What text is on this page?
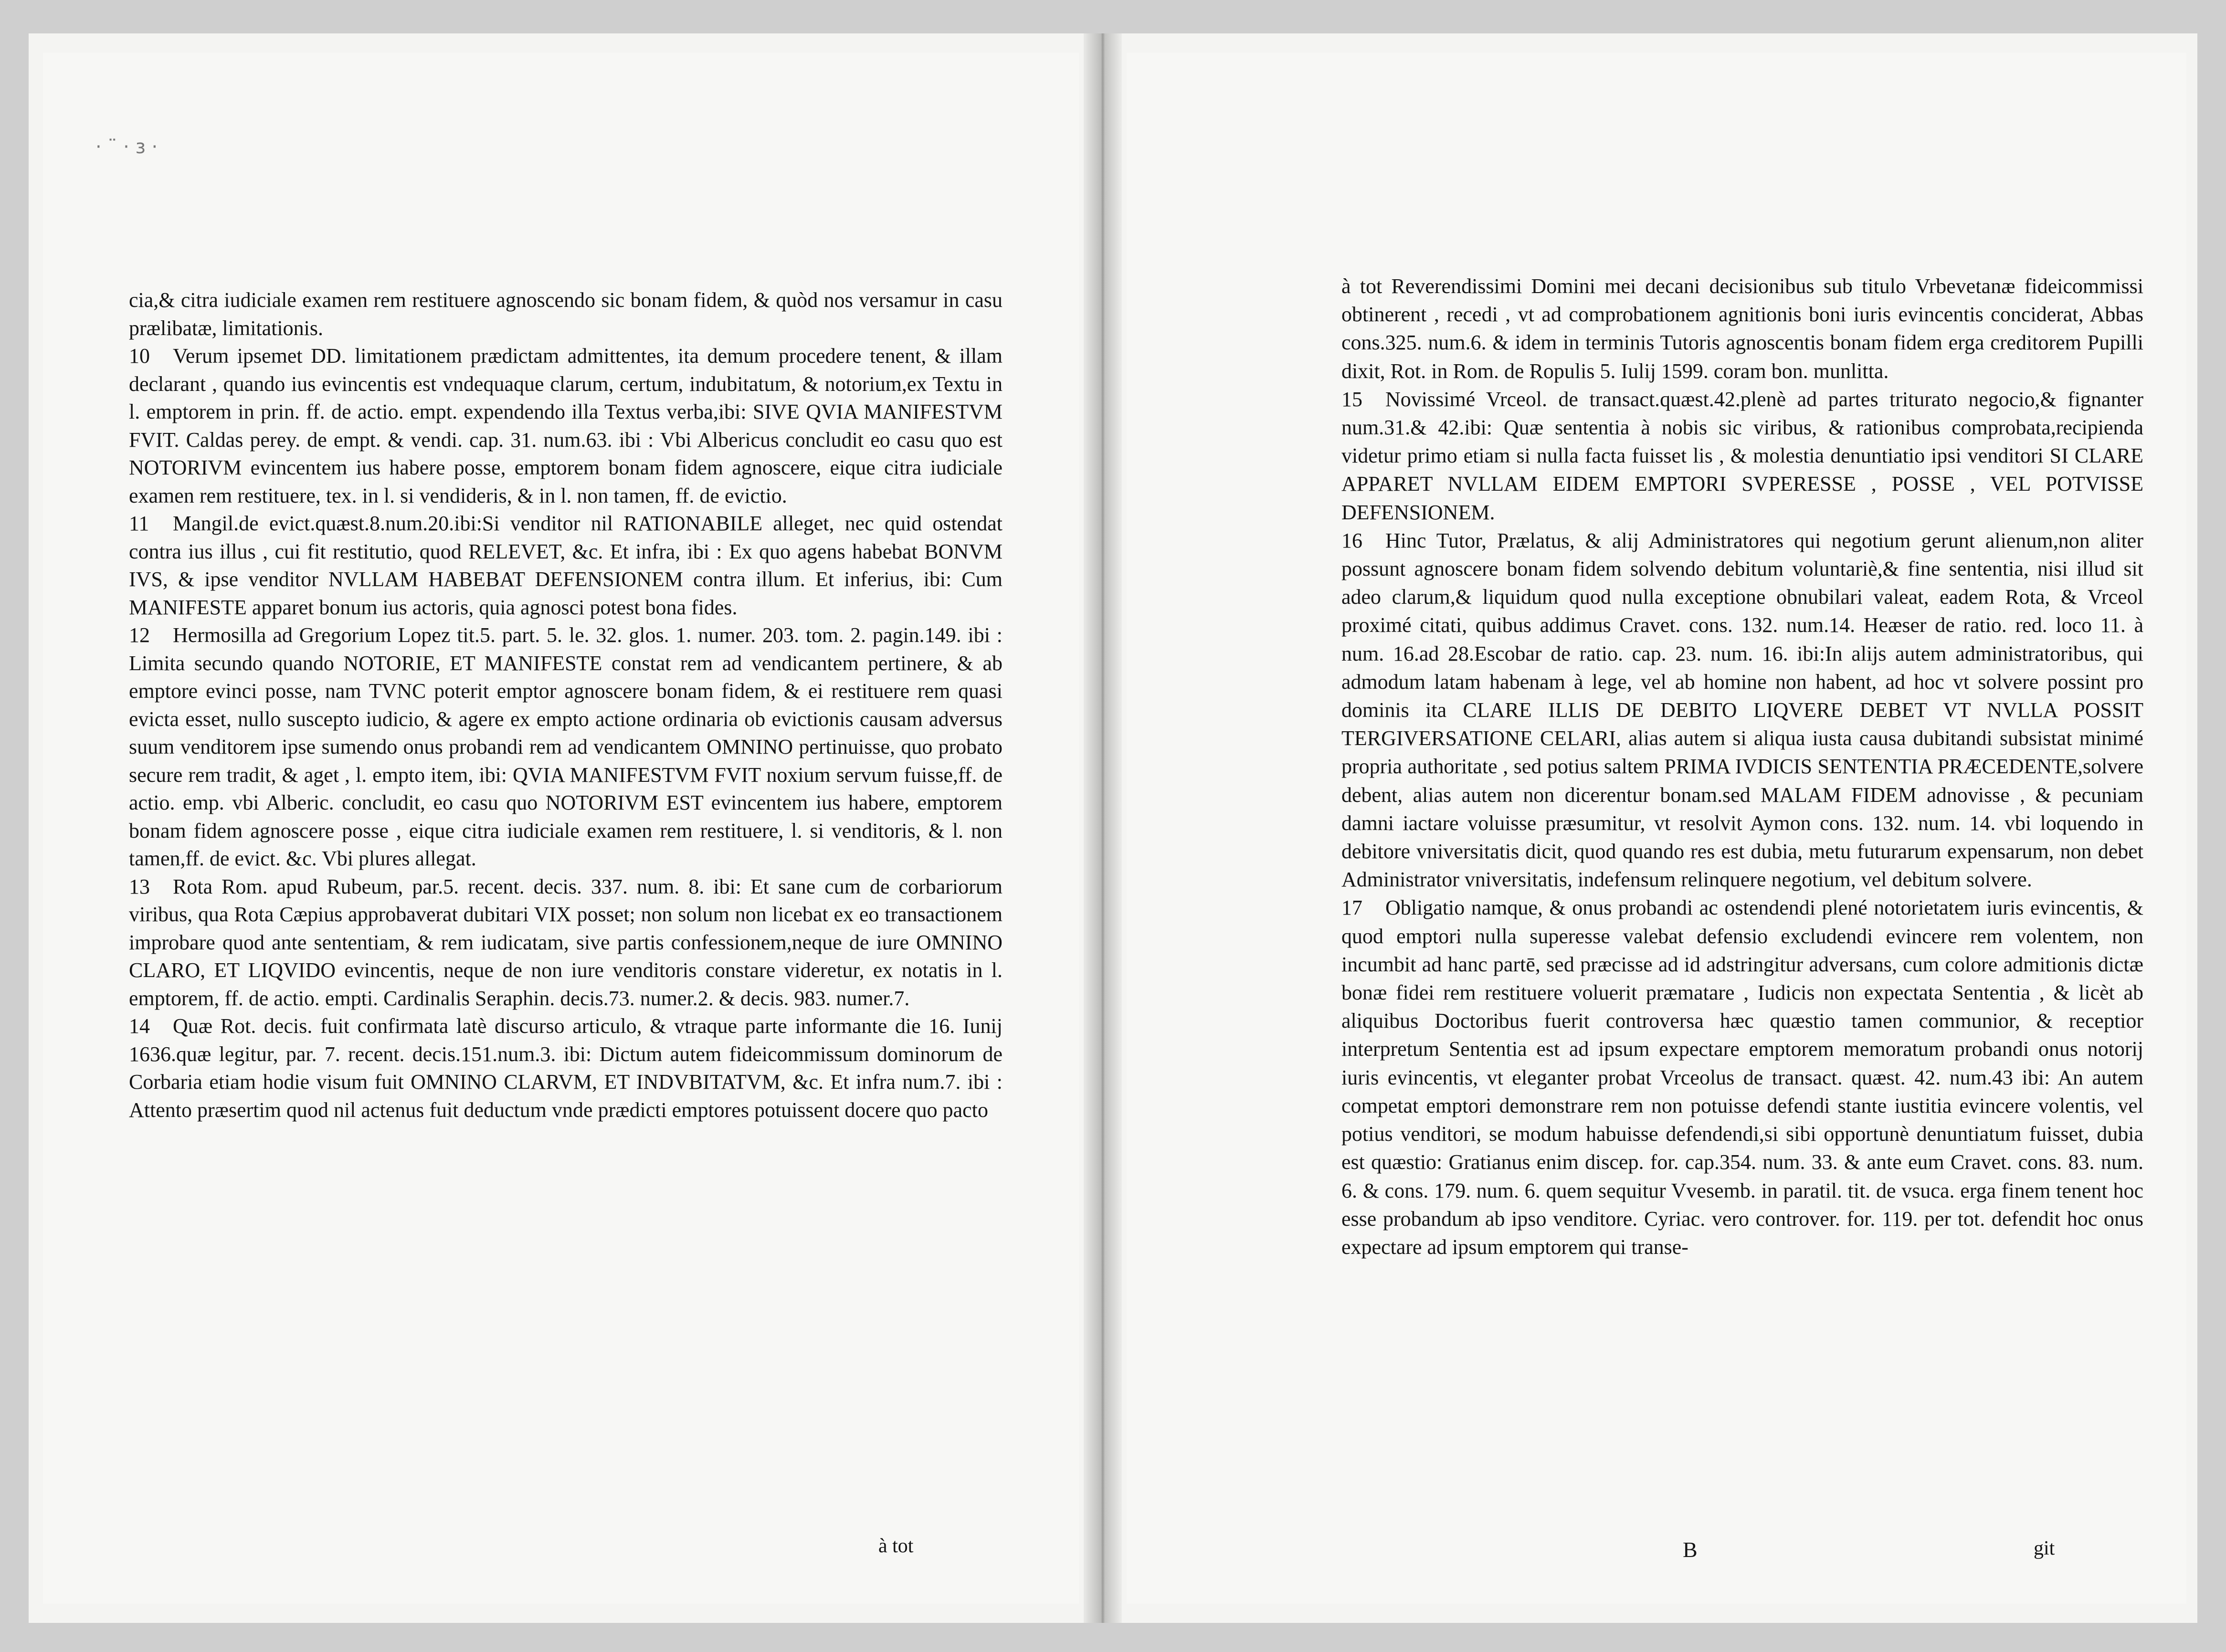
· ¨ · ɜ ·

cia,& citra iudiciale examen rem restituere agnoscendo sic bonam fidem, & quòd nos versamur in casu prælibatæ, limitationis.

10 Verum ipsemet DD. limitationem prædictam admittentes, ita demum procedere tenent, & illam declarant , quando ius evincentis est vndequaque clarum, certum, indubitatum, & notorium,ex Textu in l. emptorem in prin. ff. de actio. empt. expendendo illa Textus verba,ibi: SIVE QVIA MANIFESTVM FVIT. Caldas perey. de empt. & vendi. cap. 31. num.63. ibi : Vbi Albericus concludit eo casu quo est NOTORIVM evincentem ius habere posse, emptorem bonam fidem agnoscere, eique citra iudiciale examen rem restituere, tex. in l. si vendideris, & in l. non tamen, ff. de evictio.

11 Mangil.de evict.quæst.8.num.20.ibi:Si venditor nil RATIONABILE alleget, nec quid ostendat contra ius illus , cui fit restitutio, quod RELEVET, &c. Et infra, ibi : Ex quo agens habebat BONVM IVS, & ipse venditor NVLLAM HABEBAT DEFENSIONEM contra illum. Et inferius, ibi: Cum MANIFESTE apparet bonum ius actoris, quia agnosci potest bona fides.

12 Hermosilla ad Gregorium Lopez tit.5. part. 5. le. 32. glos. 1. numer. 203. tom. 2. pagin.149. ibi : Limita secundo quando NOTORIE, ET MANIFESTE constat rem ad vendicantem pertinere, & ab emptore evinci posse, nam TVNC poterit emptor agnoscere bonam fidem, & ei restituere rem quasi evicta esset, nullo suscepto iudicio, & agere ex empto actione ordinaria ob evictionis causam adversus suum venditorem ipse sumendo onus probandi rem ad vendicantem OMNINO pertinuisse, quo probato secure rem tradit, & aget , l. empto item, ibi: QVIA MANIFESTVM FVIT noxium servum fuisse,ff. de actio. emp. vbi Alberic. concludit, eo casu quo NOTORIVM EST evincentem ius habere, emptorem bonam fidem agnoscere posse , eique citra iudiciale examen rem restituere, l. si venditoris, & l. non tamen,ff. de evict. &c. Vbi plures allegat.

13 Rota Rom. apud Rubeum, par.5. recent. decis. 337. num. 8. ibi: Et sane cum de corbariorum viribus, qua Rota Cæpius approbaverat dubitari VIX posset; non solum non licebat ex eo transactionem improbare quod ante sententiam, & rem iudicatam, sive partis confessionem,neque de iure OMNINO CLARO, ET LIQVIDO evincentis, neque de non iure venditoris constare videretur, ex notatis in l. emptorem, ff. de actio. empti. Cardinalis Seraphin. decis.73. numer.2. & decis. 983. numer.7.

14 Quæ Rot. decis. fuit confirmata latè discurso articulo, & vtraque parte informante die 16. Iunij 1636.quæ legitur, par. 7. recent. decis.151.num.3. ibi: Dictum autem fideicommissum dominorum de Corbaria etiam hodie visum fuit OMNINO CLARVM, ET INDVBITATVM, &c. Et infra num.7. ibi : Attento præsertim quod nil actenus fuit deductum vnde prædicti emptores potuissent docere quo pacto

à tot

à tot Reverendissimi Domini mei decani decisionibus sub titulo Vrbevetanæ fideicommissi obtinerent , recedi , vt ad comprobationem agnitionis boni iuris evincentis conciderat, Abbas cons.325. num.6. & idem in terminis Tutoris agnoscentis bonam fidem erga creditorem Pupilli dixit, Rot. in Rom. de Ropulis 5. Iulij 1599. coram bon. munlitta.

15 Novissimé Vrceol. de transact.quæst.42.plenè ad partes triturato negocio,& fignanter num.31.& 42.ibi: Quæ sententia à nobis sic viribus, & rationibus comprobata,recipienda videtur primo etiam si nulla facta fuisset lis , & molestia denuntiatio ipsi venditori SI CLARE APPARET NVLLAM EIDEM EMPTORI SVPERESSE , POSSE , VEL POTVISSE DEFENSIONEM.

16 Hinc Tutor, Prælatus, & alij Administratores qui negotium gerunt alienum,non aliter possunt agnoscere bonam fidem solvendo debitum voluntariè,& fine sententia, nisi illud sit adeo clarum,& liquidum quod nulla exceptione obnubilari valeat, eadem Rota, & Vrceol proximé citati, quibus addimus Cravet. cons. 132. num.14. Heæser de ratio. red. loco 11. à num. 16.ad 28.Escobar de ratio. cap. 23. num. 16. ibi:In alijs autem administratoribus, qui admodum latam habenam à lege, vel ab homine non habent, ad hoc vt solvere possint pro dominis ita CLARE ILLIS DE DEBITO LIQVERE DEBET VT NVLLA POSSIT TERGIVERSATIONE CELARI, alias autem si aliqua iusta causa dubitandi subsistat minimé propria authoritate , sed potius saltem PRIMA IVDICIS SENTENTIA PRÆCEDENTE,solvere debent, alias autem non dicerentur bonam.sed MALAM FIDEM adnovisse , & pecuniam damni iactare voluisse præsumitur, vt resolvit Aymon cons. 132. num. 14. vbi loquendo in debitore vniversitatis dicit, quod quando res est dubia, metu futurarum expensarum, non debet Administrator vniversitatis, indefensum relinquere negotium, vel debitum solvere.

17 Obligatio namque, & onus probandi ac ostendendi plené notorietatem iuris evincentis, & quod emptori nulla superesse valebat defensio excludendi evincere rem volentem, non incumbit ad hanc partē, sed præcisse ad id adstringitur adversans, cum colore admitionis dictæ bonæ fidei rem restituere voluerit præmatare , Iudicis non expectata Sententia , & licèt ab aliquibus Doctoribus fuerit controversa hæc quæstio tamen communior, & receptior interpretum Sententia est ad ipsum expectare emptorem memoratum probandi onus notorij iuris evincentis, vt eleganter probat Vrceolus de transact. quæst. 42. num.43 ibi: An autem competat emptori demonstrare rem non potuisse defendi stante iustitia evincere volentis, vel potius venditori, se modum habuisse defendendi,si sibi opportunè denuntiatum fuisset, dubia est quæstio: Gratianus enim discep. for. cap.354. num. 33. & ante eum Cravet. cons. 83. num. 6. & cons. 179. num. 6. quem sequitur Vvesemb. in paratil. tit. de vsuca. erga finem tenent hoc esse probandum ab ipso venditore. Cyriac. vero controver. for. 119. per tot. defendit hoc onus expectare ad ipsum emptorem qui transe-

B	git
